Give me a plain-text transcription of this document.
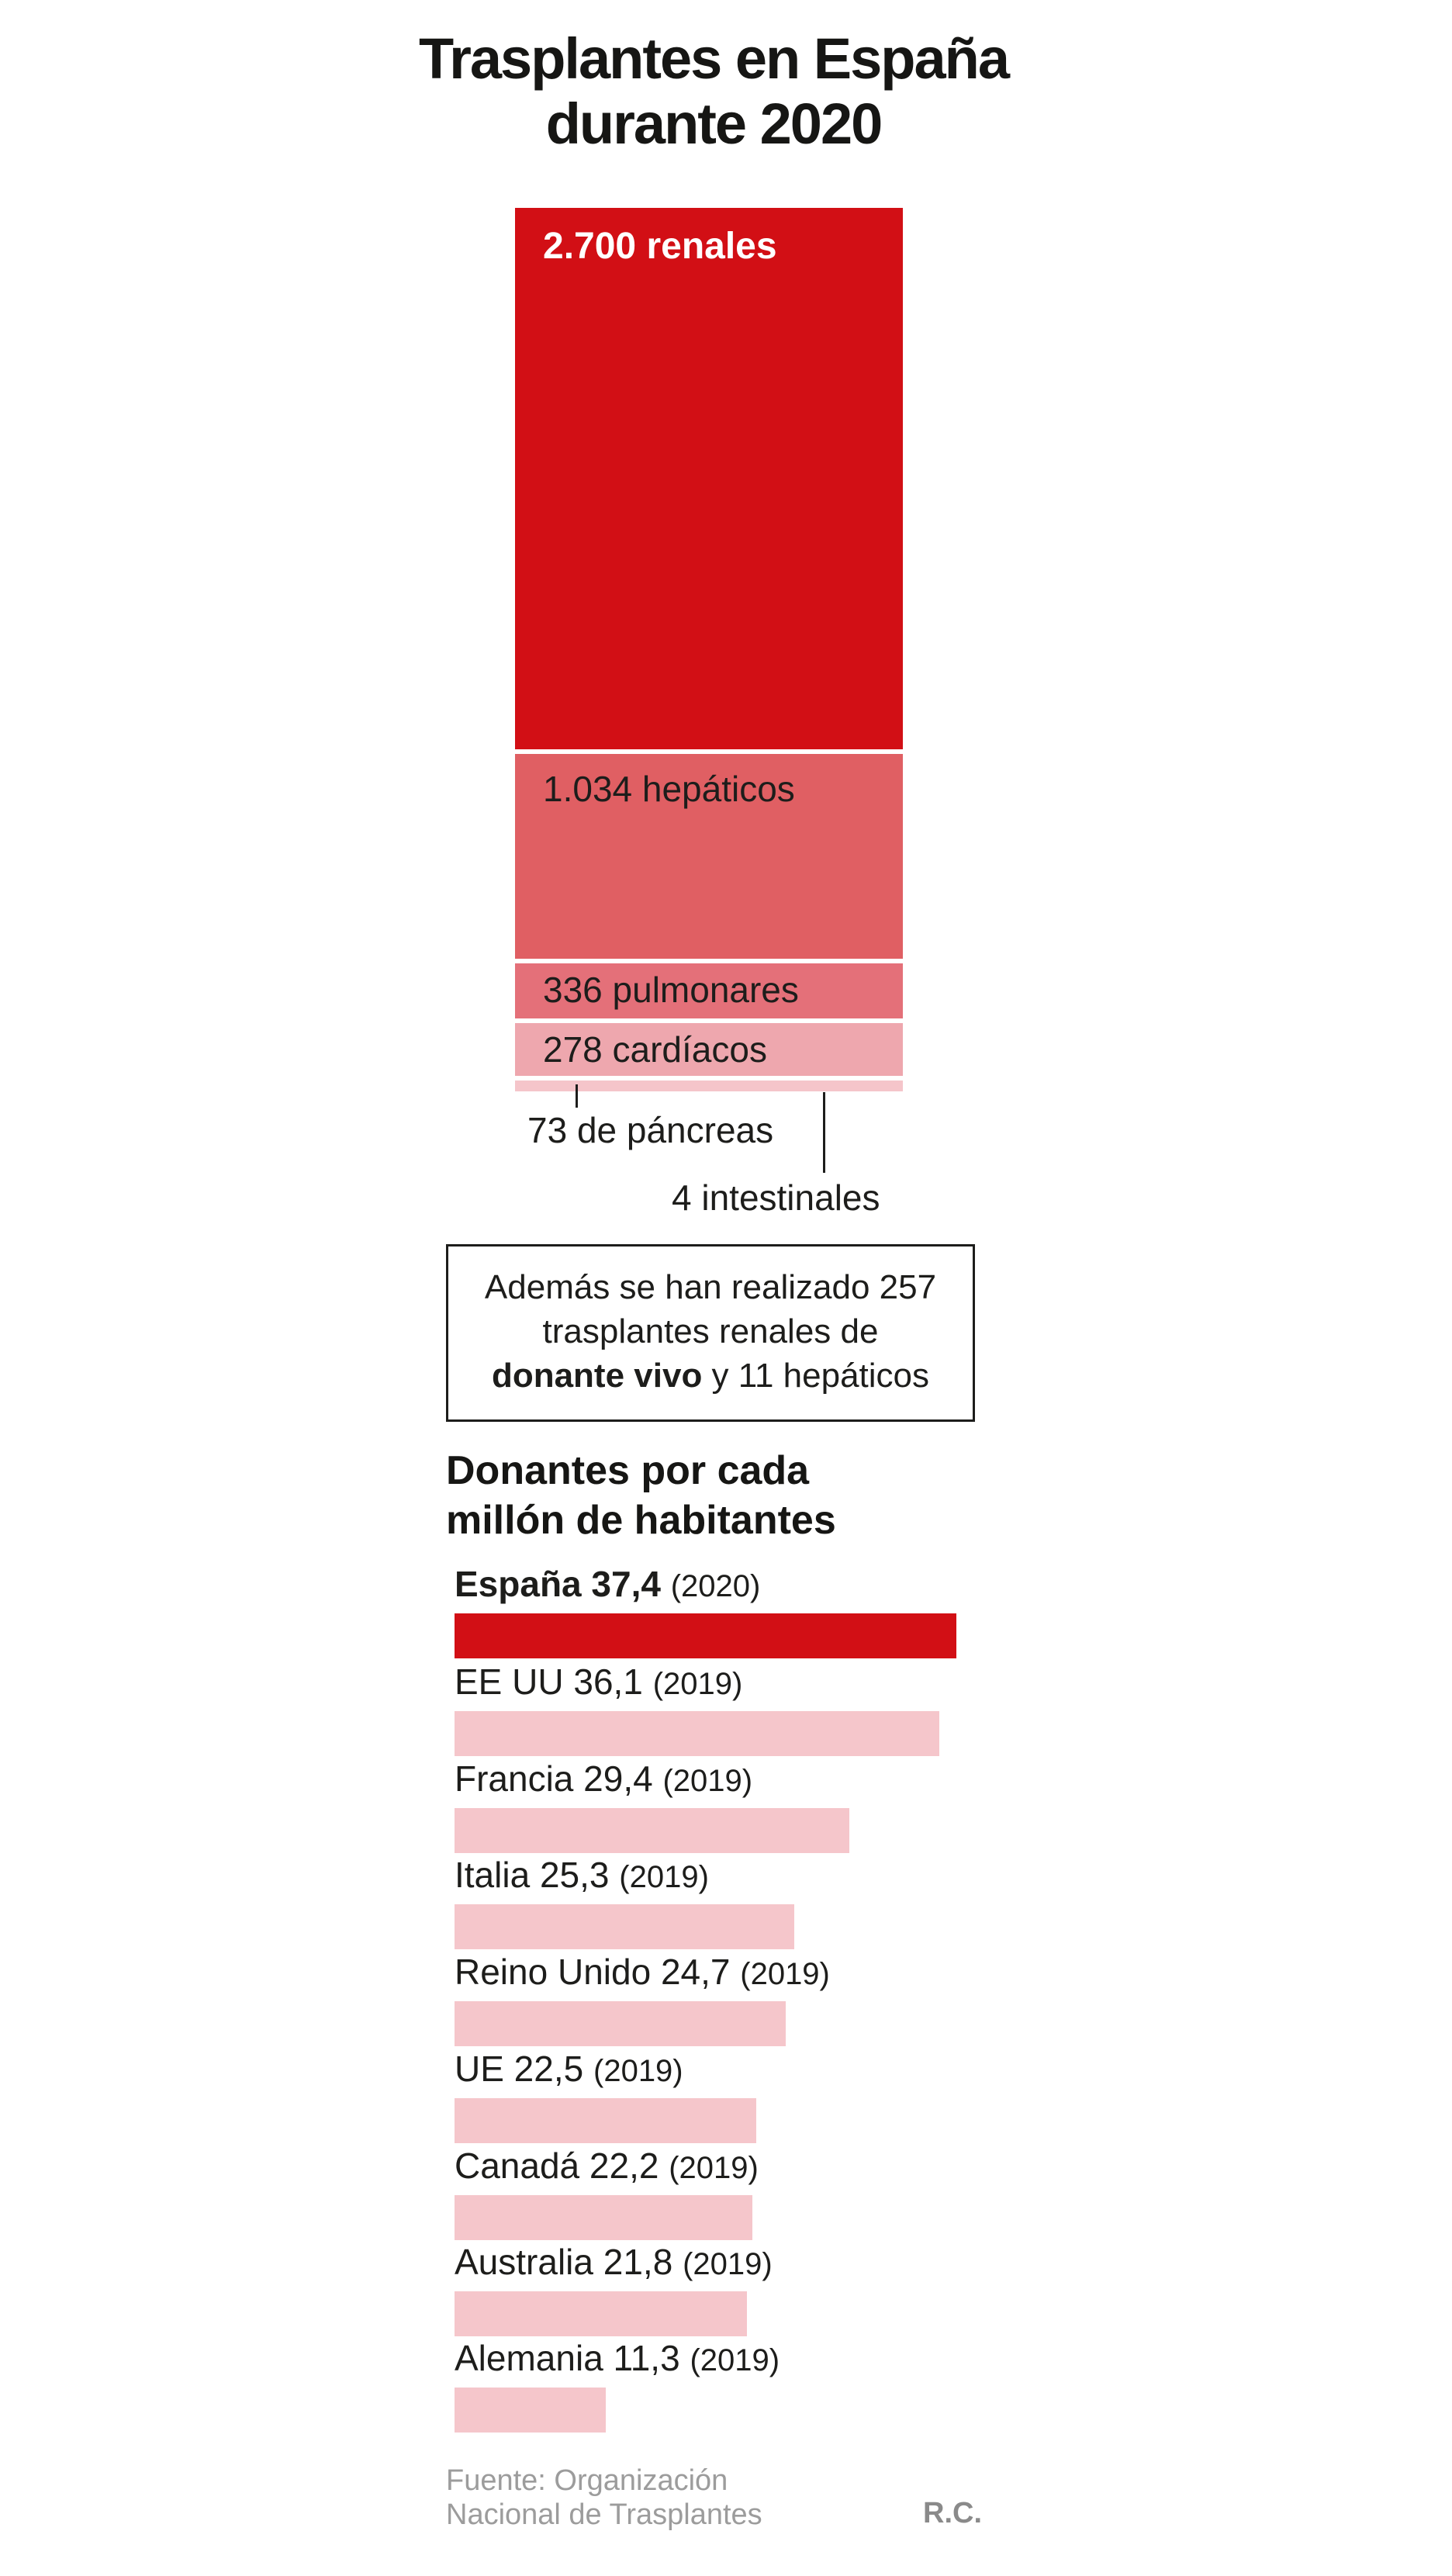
Trasplantes en España
durante 2020
2.700 renales
1.034 hepáticos
336 pulmonares
278 cardíacos
73 de páncreas
4 intestinales
Además se han realizado 257
trasplantes renales de
donante vivo y 11 hepáticos
Donantes por cada
millón de habitantes
España 37,4 (2020)
EE UU 36,1 (2019)
Francia 29,4 (2019)
Italia 25,3 (2019)
Reino Unido 24,7 (2019)
UE 22,5 (2019)
Canadá 22,2 (2019)
Australia 21,8 (2019)
Alemania 11,3 (2019)
Fuente: Organización
Nacional de Trasplantes	R.C.
